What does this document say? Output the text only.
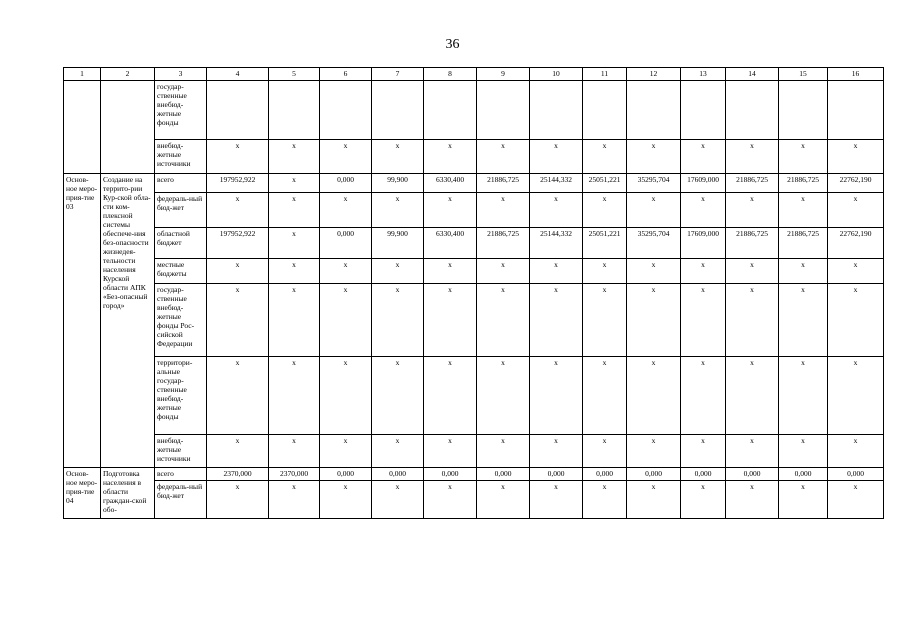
36
1	2	3	4	5	6	7	8	9	10	11	12	13	14	15	16
		государ-ственные внебюд-жетные фонды													
		внебюд-жетные источники	x	x	x	x	x	x	x	x	x	x	x	x	x
Основ-ное меро-прия-тие 03	Создание на террито-рии Кур-ской обла-сти ком-плексной системы обеспече-ния без-опасности жизнедея-тельности населения Курской области АПК «Без-опасный город»	всего	197952,922	x	0,000	99,900	6330,400	21886,725	25144,332	25051,221	35295,704	17609,000	21886,725	21886,725	22762,190
		федераль-ный бюд-жет	x	x	x	x	x	x	x	x	x	x	x	x	x
		областной бюджет	197952,922	x	0,000	99,900	6330,400	21886,725	25144,332	25051,221	35295,704	17609,000	21886,725	21886,725	22762,190
		местные бюджеты	x	x	x	x	x	x	x	x	x	x	x	x	x
		государ-ственные внебюд-жетные фонды Рос-сийской Федерации	x	x	x	x	x	x	x	x	x	x	x	x	x
		территори-альные государ-ственные внебюд-жетные фонды	x	x	x	x	x	x	x	x	x	x	x	x	x
		внебюд-жетные источники	x	x	x	x	x	x	x	x	x	x	x	x	x
Основ-ное меро-прия-тие 04	Подготовка населения в области граждан-ской обо-	всего	2370,000	2370,000	0,000	0,000	0,000	0,000	0,000	0,000	0,000	0,000	0,000	0,000	0,000
		федераль-ный бюд-жет	x	x	x	x	x	x	x	x	x	x	x	x	x
